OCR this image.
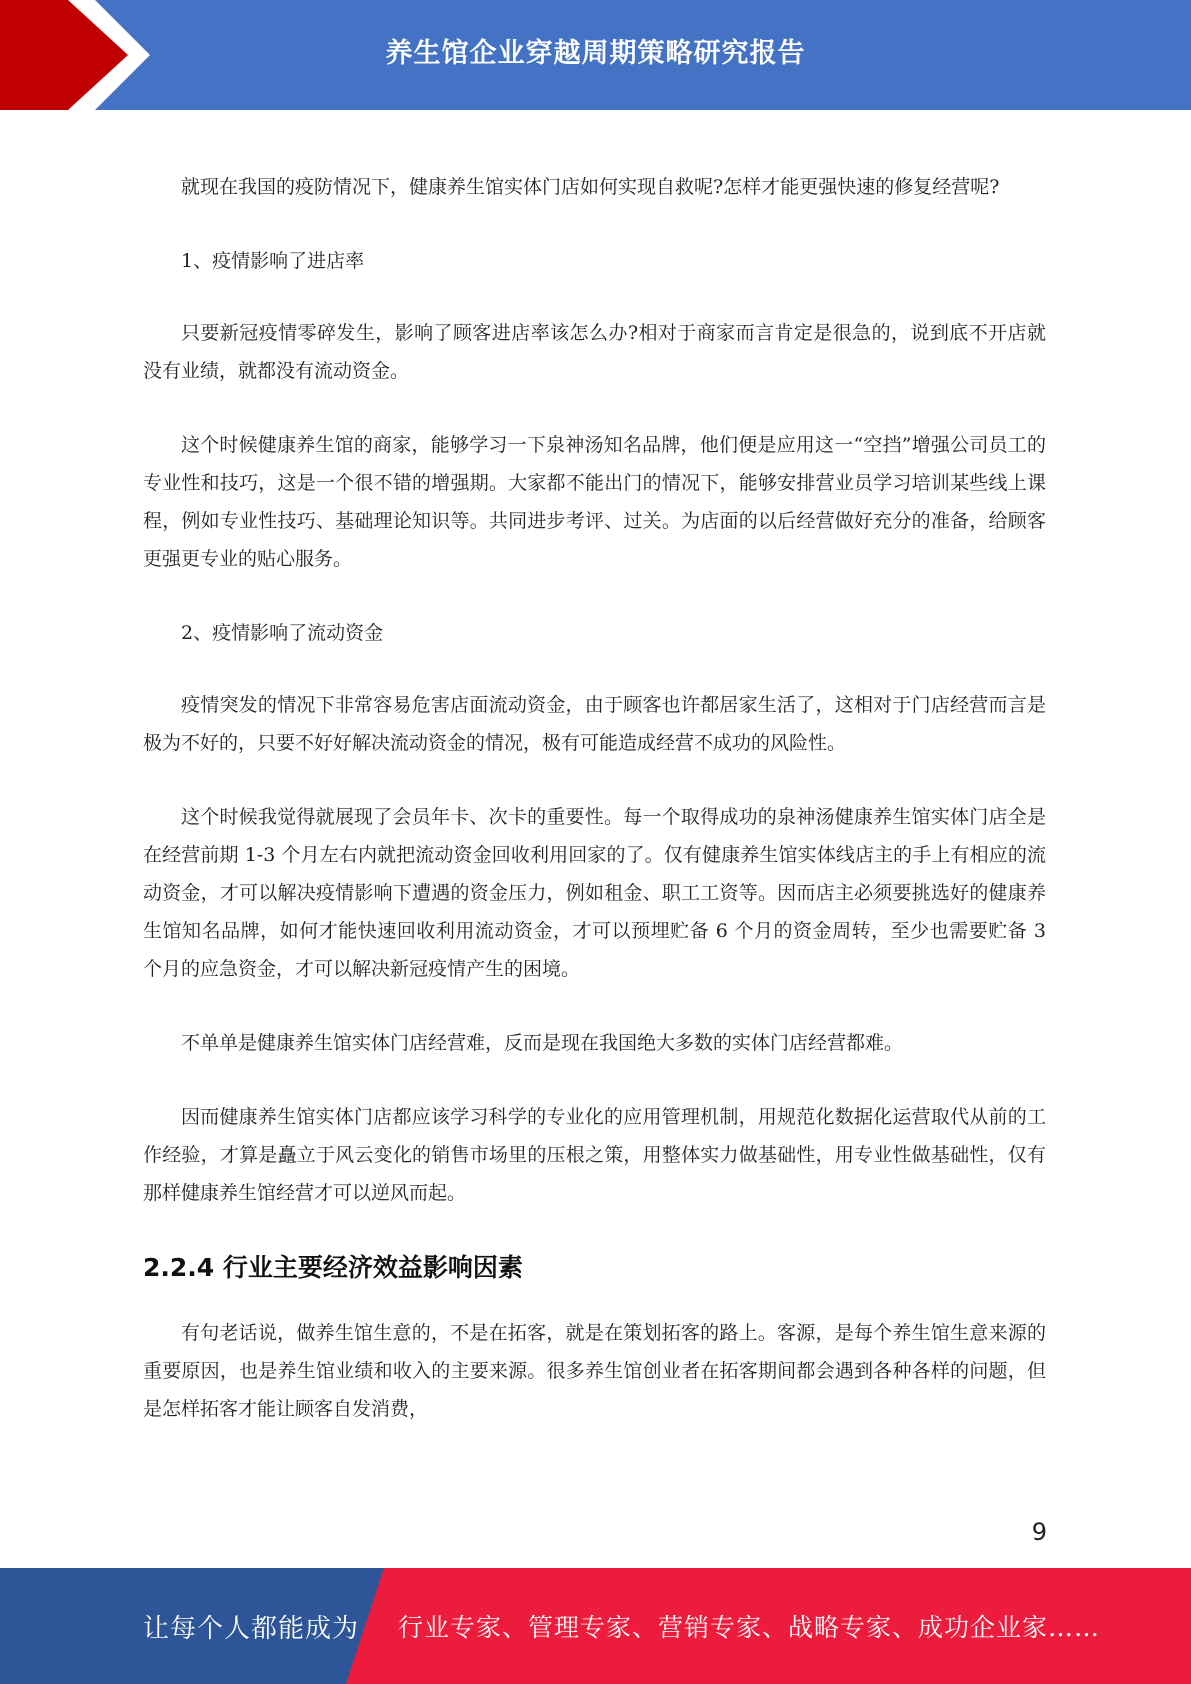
养生馆企业穿越周期策略研究报告

就现在我国的疫防情况下，健康养生馆实体门店如何实现自救呢?怎样才能更强快速的修复经营呢?

1、疫情影响了进店率

只要新冠疫情零碎发生，影响了顾客进店率该怎么办?相对于商家而言肯定是很急的，说到底不开店就没有业绩，就都没有流动资金。

这个时候健康养生馆的商家，能够学习一下泉神汤知名品牌，他们便是应用这一“空挡”增强公司员工的专业性和技巧，这是一个很不错的增强期。大家都不能出门的情况下，能够安排营业员学习培训某些线上课程，例如专业性技巧、基础理论知识等。共同进步考评、过关。为店面的以后经营做好充分的准备，给顾客更强更专业的贴心服务。

2、疫情影响了流动资金

疫情突发的情况下非常容易危害店面流动资金，由于顾客也许都居家生活了，这相对于门店经营而言是极为不好的，只要不好好解决流动资金的情况，极有可能造成经营不成功的风险性。

这个时候我觉得就展现了会员年卡、次卡的重要性。每一个取得成功的泉神汤健康养生馆实体门店全是在经营前期 1-3 个月左右内就把流动资金回收利用回家的了。仅有健康养生馆实体线店主的手上有相应的流动资金，才可以解决疫情影响下遭遇的资金压力，例如租金、职工工资等。因而店主必须要挑选好的健康养生馆知名品牌，如何才能快速回收利用流动资金，才可以预埋贮备 6 个月的资金周转，至少也需要贮备 3 个月的应急资金，才可以解决新冠疫情产生的困境。

不单单是健康养生馆实体门店经营难，反而是现在我国绝大多数的实体门店经营都难。

因而健康养生馆实体门店都应该学习科学的专业化的应用管理机制，用规范化数据化运营取代从前的工作经验，才算是矗立于风云变化的销售市场里的压根之策，用整体实力做基础性，用专业性做基础性，仅有那样健康养生馆经营才可以逆风而起。

2.2.4 行业主要经济效益影响因素

有句老话说，做养生馆生意的，不是在拓客，就是在策划拓客的路上。客源，是每个养生馆生意来源的重要原因，也是养生馆业绩和收入的主要来源。很多养生馆创业者在拓客期间都会遇到各种各样的问题，但是怎样拓客才能让顾客自发消费，

9
让每个人都能成为 行业专家、管理专家、营销专家、战略专家、成功企业家……
